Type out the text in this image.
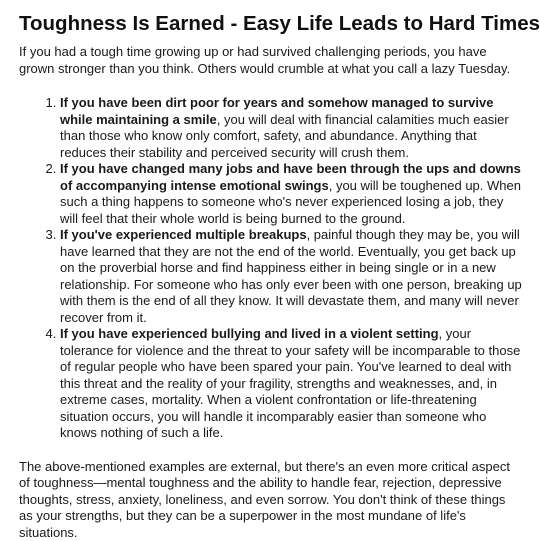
Toughness Is Earned - Easy Life Leads to Hard Times

If you had a tough time growing up or had survived challenging periods, you have grown stronger than you think. Others would crumble at what you call a lazy Tuesday.

1. If you have been dirt poor for years and somehow managed to survive while maintaining a smile, you will deal with financial calamities much easier than those who know only comfort, safety, and abundance. Anything that reduces their stability and perceived security will crush them.
2. If you have changed many jobs and have been through the ups and downs of accompanying intense emotional swings, you will be toughened up. When such a thing happens to someone who's never experienced losing a job, they will feel that their whole world is being burned to the ground.
3. If you've experienced multiple breakups, painful though they may be, you will have learned that they are not the end of the world. Eventually, you get back up on the proverbial horse and find happiness either in being single or in a new relationship. For someone who has only ever been with one person, breaking up with them is the end of all they know. It will devastate them, and many will never recover from it.
4. If you have experienced bullying and lived in a violent setting, your tolerance for violence and the threat to your safety will be incomparable to those of regular people who have been spared your pain. You've learned to deal with this threat and the reality of your fragility, strengths and weaknesses, and, in extreme cases, mortality. When a violent confrontation or life-threatening situation occurs, you will handle it incomparably easier than someone who knows nothing of such a life.

The above-mentioned examples are external, but there's an even more critical aspect of toughness—mental toughness and the ability to handle fear, rejection, depressive thoughts, stress, anxiety, loneliness, and even sorrow. You don't think of these things as your strengths, but they can be a superpower in the most mundane of life's situations.
